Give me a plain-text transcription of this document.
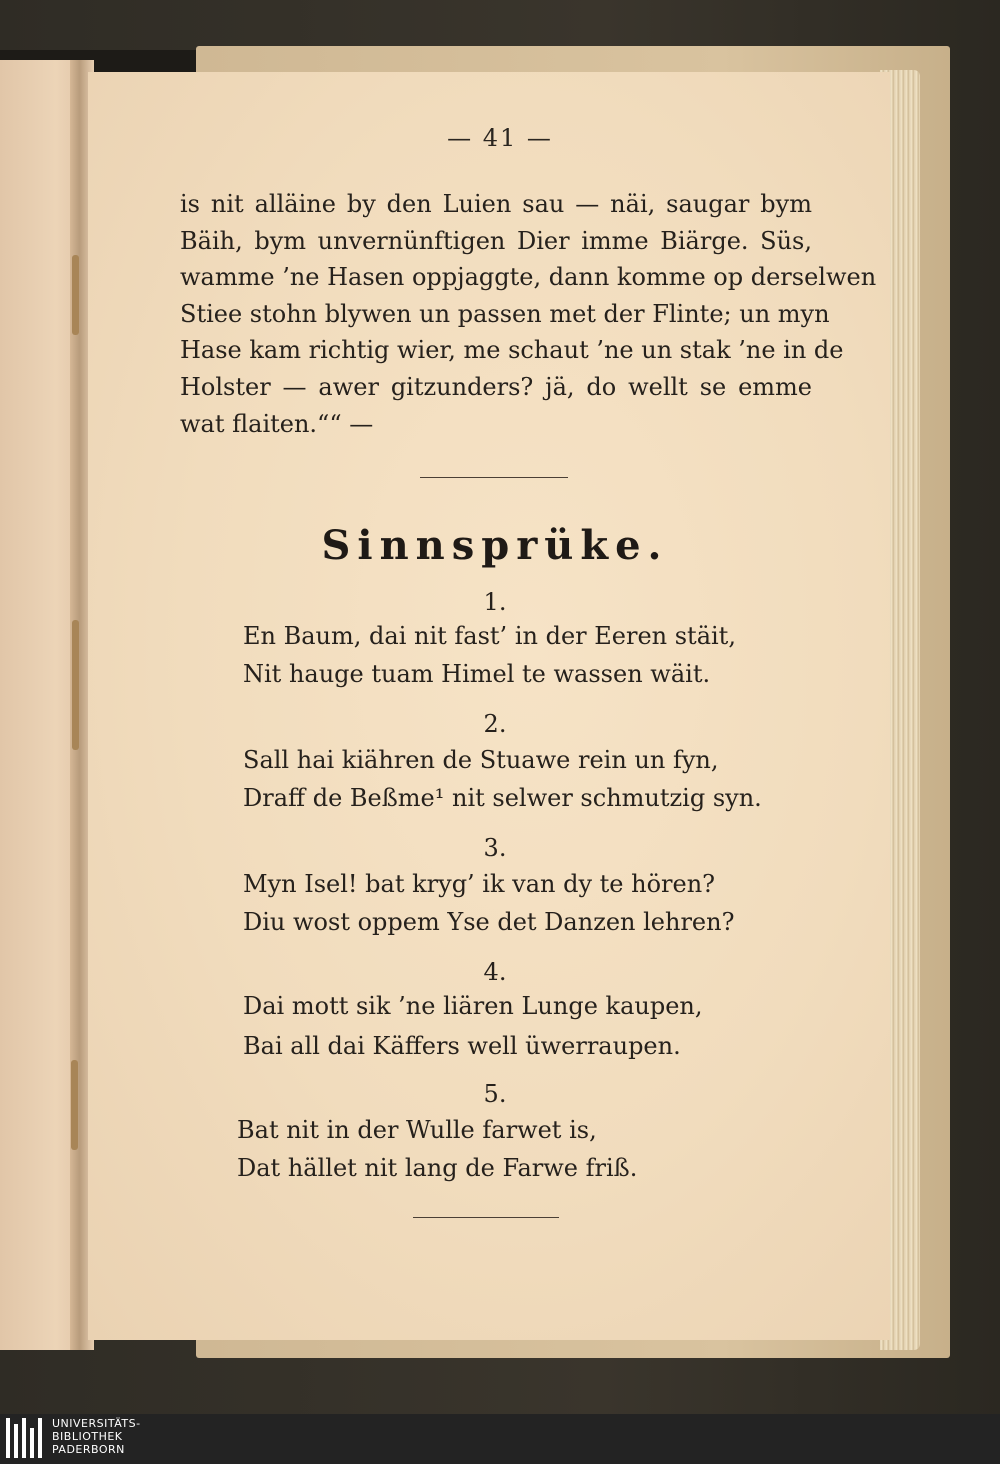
— 41 —
is nit alläine by den Luien sau — näi, saugar bym
Bäih, bym unvernünftigen Dier imme Biärge. Süs,
wamme ’ne Hasen oppjaggte, dann komme op derselwen
Stiee stohn blywen un passen met der Flinte; un myn
Hase kam richtig wier, me schaut ’ne un stak ’ne in de
Holster — awer gitzunders? jä, do wellt se emme
wat flaiten.““ —
Sinnsprüke.
1.
En Baum, dai nit fast’ in der Eeren stäit,
Nit hauge tuam Himel te wassen wäit.
2.
Sall hai kiähren de Stuawe rein un fyn,
Draff de Beßme¹ nit selwer schmutzig syn.
3.
Myn Isel! bat kryg’ ik van dy te hören?
Diu wost oppem Yse det Danzen lehren?
4.
Dai mott sik ’ne liären Lunge kaupen,
Bai all dai Käffers well üwerraupen.
5.
Bat nit in der Wulle farwet is,
Dat hället nit lang de Farwe friß.
UNIVERSITÄTS-
BIBLIOTHEK
PADERBORN
